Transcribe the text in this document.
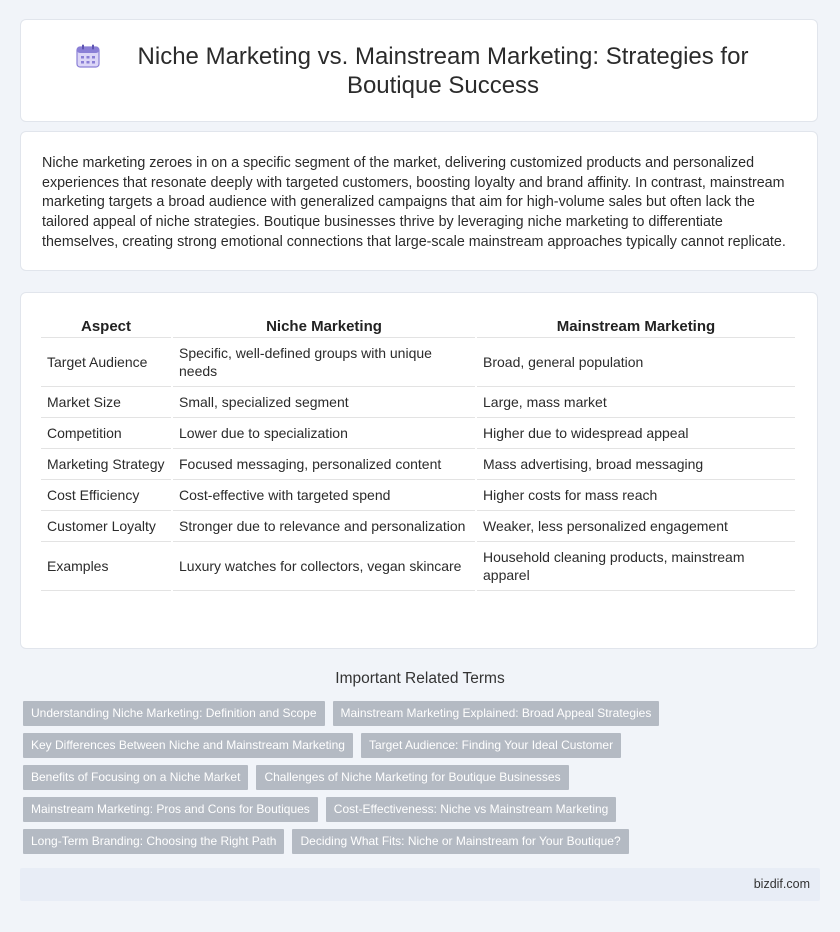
Niche Marketing vs. Mainstream Marketing: Strategies for Boutique Success

Niche marketing zeroes in on a specific segment of the market, delivering customized products and personalized experiences that resonate deeply with targeted customers, boosting loyalty and brand affinity. In contrast, mainstream marketing targets a broad audience with generalized campaigns that aim for high-volume sales but often lack the tailored appeal of niche strategies. Boutique businesses thrive by leveraging niche marketing to differentiate themselves, creating strong emotional connections that large-scale mainstream approaches typically cannot replicate.

Aspect	Niche Marketing	Mainstream Marketing
Target Audience	Specific, well-defined groups with unique needs	Broad, general population
Market Size	Small, specialized segment	Large, mass market
Competition	Lower due to specialization	Higher due to widespread appeal
Marketing Strategy	Focused messaging, personalized content	Mass advertising, broad messaging
Cost Efficiency	Cost-effective with targeted spend	Higher costs for mass reach
Customer Loyalty	Stronger due to relevance and personalization	Weaker, less personalized engagement
Examples	Luxury watches for collectors, vegan skincare	Household cleaning products, mainstream apparel
Important Related Terms
Understanding Niche Marketing: Definition and Scope	Mainstream Marketing Explained: Broad Appeal Strategies
Key Differences Between Niche and Mainstream Marketing	Target Audience: Finding Your Ideal Customer
Benefits of Focusing on a Niche Market	Challenges of Niche Marketing for Boutique Businesses
Mainstream Marketing: Pros and Cons for Boutiques	Cost-Effectiveness: Niche vs Mainstream Marketing
Long-Term Branding: Choosing the Right Path	Deciding What Fits: Niche or Mainstream for Your Boutique?
bizdif.com
